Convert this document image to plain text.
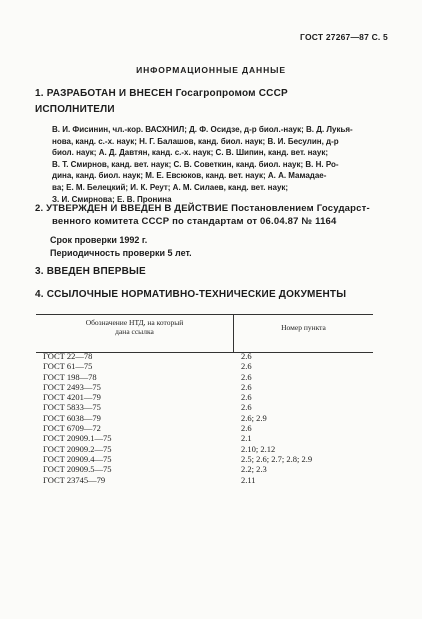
ГОСТ 27267—87 С. 5
ИНФОРМАЦИОННЫЕ ДАННЫЕ
1. РАЗРАБОТАН И ВНЕСЕН Госагропромом СССР
ИСПОЛНИТЕЛИ
В. И. Фисинин, чл.-кор. ВАСХНИЛ; Д. Ф. Осидзе, д-р биол.-наук; В. Д. Лукья-
нова, канд. с.-х. наук; Н. Г. Балашов, канд. биол. наук; В. И. Бесулин, д-р
биол. наук; А. Д. Давтян, канд. с.-х. наук; С. В. Шипин, канд. вет. наук;
В. Т. Смирнов, канд. вет. наук; С. В. Советкин, канд. биол. наук; В. Н. Ро-
дина, канд. биол. наук; М. Е. Евсюков, канд. вет. наук; А. А. Мамадае-
ва; Е. М. Белецкий; И. К. Реут; А. М. Силаев, канд. вет. наук;
З. И. Смирнова; Е. В. Пронина
2. УТВЕРЖДЕН И ВВЕДЕН В ДЕЙСТВИЕ Постановлением Государст-
венного комитета СССР по стандартам от 06.04.87 № 1164
Срок проверки 1992 г.
Периодичность проверки 5 лет.
3. ВВЕДЕН ВПЕРВЫЕ
4. ССЫЛОЧНЫЕ НОРМАТИВНО-ТЕХНИЧЕСКИЕ ДОКУМЕНТЫ
Обозначение НТД, на который
дана ссылка	Номер пункта
ГОСТ 22—78	2.6
ГОСТ 61—75	2.6
ГОСТ 198—78	2.6
ГОСТ 2493—75	2.6
ГОСТ 4201—79	2.6
ГОСТ 5833—75	2.6
ГОСТ 6038—79	2.6; 2.9
ГОСТ 6709—72	2.6
ГОСТ 20909.1—75	2.1
ГОСТ 20909.2—75	2.10; 2.12
ГОСТ 20909.4—75	2.5; 2.6; 2.7; 2.8; 2.9
ГОСТ 20909.5—75	2.2; 2.3
ГОСТ 23745—79	2.11
